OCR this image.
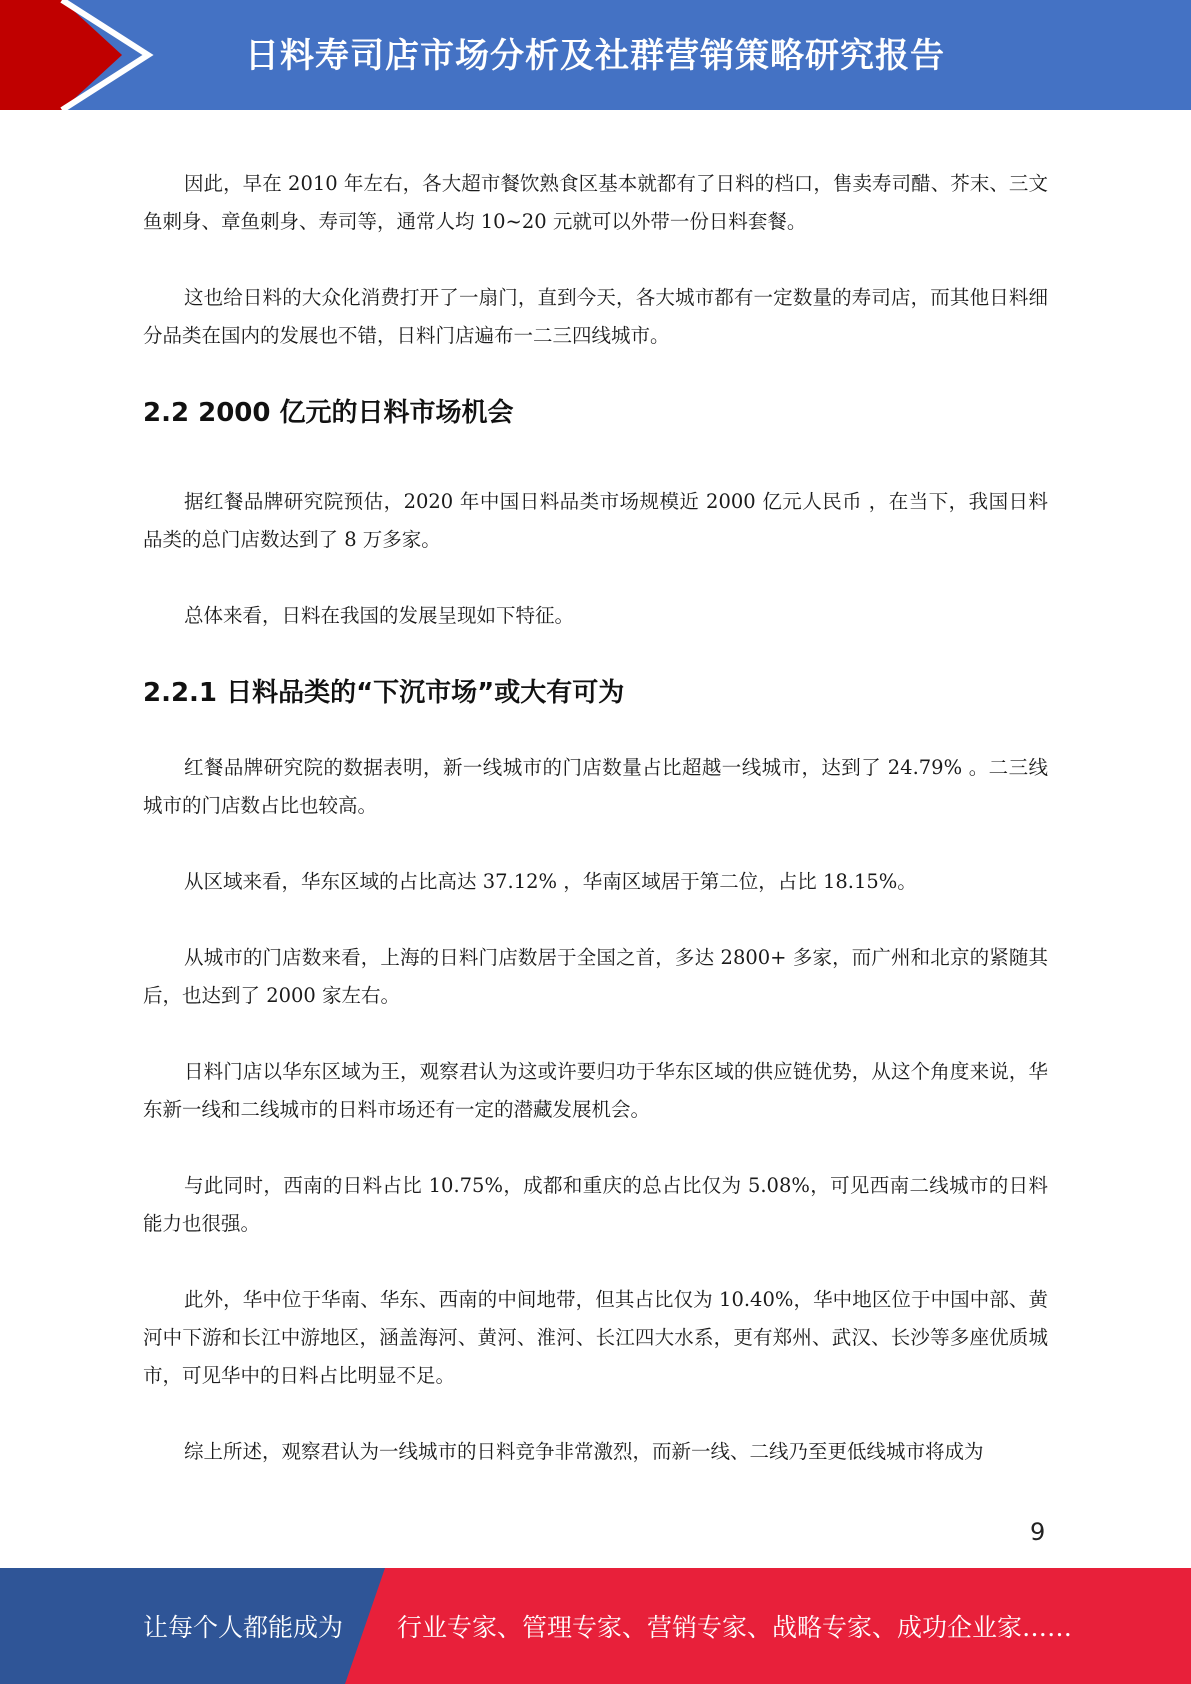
日料寿司店市场分析及社群营销策略研究报告

因此，早在 2010 年左右，各大超市餐饮熟食区基本就都有了日料的档口，售卖寿司醋、芥末、三文鱼刺身、章鱼刺身、寿司等，通常人均 10~20 元就可以外带一份日料套餐。

这也给日料的大众化消费打开了一扇门，直到今天，各大城市都有一定数量的寿司店，而其他日料细分品类在国内的发展也不错，日料门店遍布一二三四线城市。

2.2 2000 亿元的日料市场机会

据红餐品牌研究院预估，2020 年中国日料品类市场规模近 2000 亿元人民币 ，在当下，我国日料品类的总门店数达到了 8 万多家。

总体来看，日料在我国的发展呈现如下特征。

2.2.1 日料品类的“下沉市场”或大有可为

红餐品牌研究院的数据表明，新一线城市的门店数量占比超越一线城市，达到了 24.79% 。二三线城市的门店数占比也较高。

从区域来看，华东区域的占比高达 37.12% ，华南区域居于第二位，占比 18.15%。

从城市的门店数来看，上海的日料门店数居于全国之首，多达 2800+ 多家，而广州和北京的紧随其后，也达到了 2000 家左右。

日料门店以华东区域为王，观察君认为这或许要归功于华东区域的供应链优势，从这个角度来说，华东新一线和二线城市的日料市场还有一定的潜藏发展机会。

与此同时，西南的日料占比 10.75%，成都和重庆的总占比仅为 5.08%，可见西南二线城市的日料能力也很强。

此外，华中位于华南、华东、西南的中间地带，但其占比仅为 10.40%，华中地区位于中国中部、黄河中下游和长江中游地区，涵盖海河、黄河、淮河、长江四大水系，更有郑州、武汉、长沙等多座优质城市，可见华中的日料占比明显不足。

综上所述，观察君认为一线城市的日料竞争非常激烈，而新一线、二线乃至更低线城市将成为

9
让每个人都能成为 行业专家、管理专家、营销专家、战略专家、成功企业家……
